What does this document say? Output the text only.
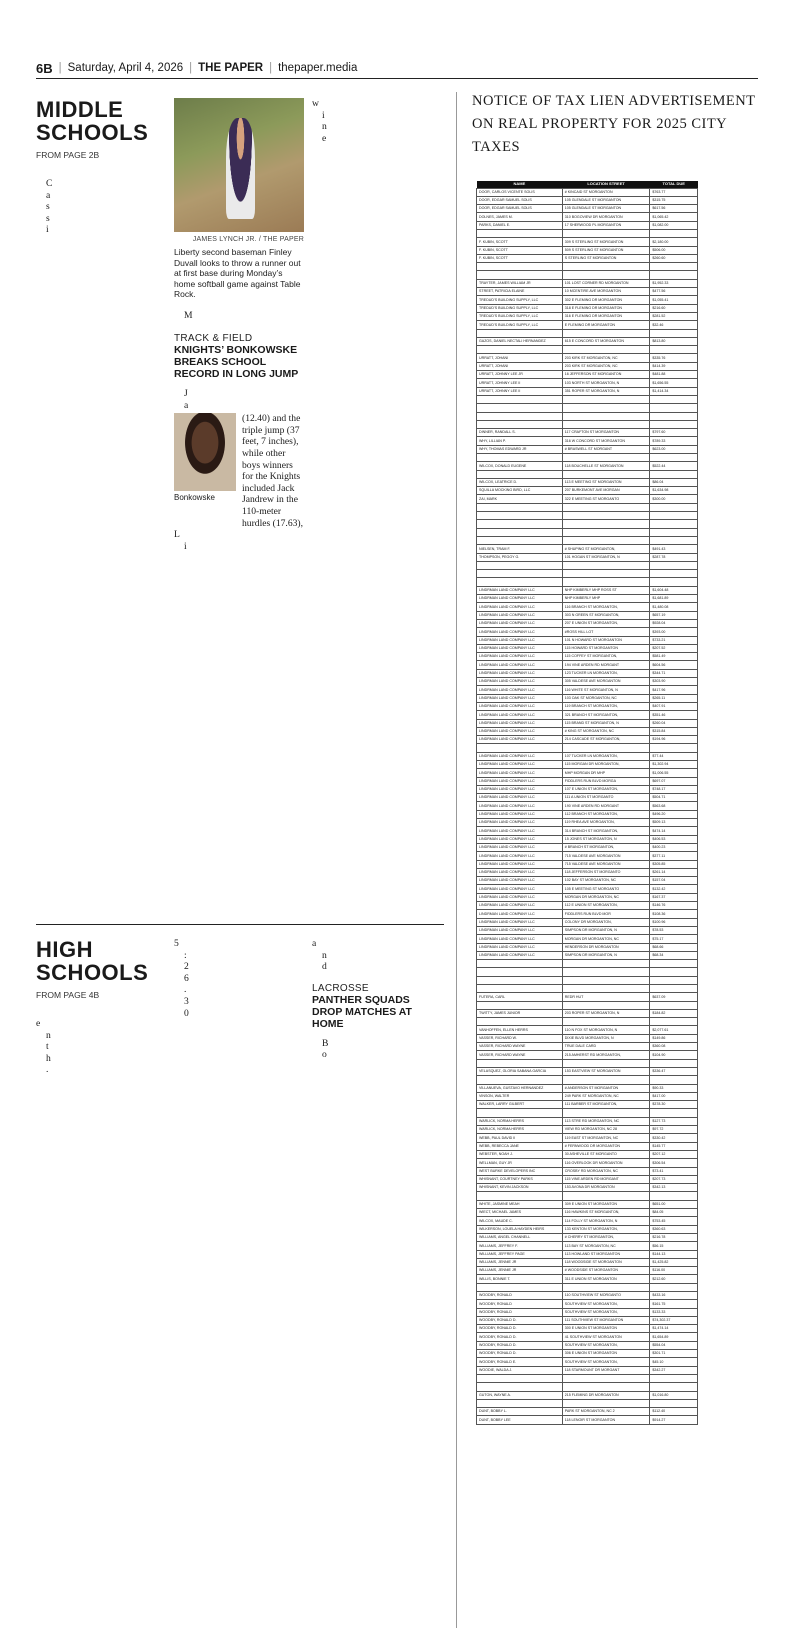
6B | Saturday, April 4, 2026 | THE PAPER | thepaper.media
MIDDLE SCHOOLS
FROM PAGE 2B

C

a

s

s

i

JAMES LYNCH JR. / THE PAPER
Liberty second baseman Finley Duvall looks to throw a runner out at first base during Monday’s home softball game against Table Rock.

M

TRACK & FIELD
KNIGHTS’ BONKOWSKE BREAKS SCHOOL RECORD IN LONG JUMP

J

a

Bonkowske

(12.40) and the triple jump (37 feet, 7 inches), while other boys winners for the Knights included Jack Jandrew in the 110-meter hurdles (17.63),

L

i

w

i

n

e

HIGH SCHOOLS
FROM PAGE 4B

e

n

t

h

.

5

:

2

6

.

3

0

a

n

d

LACROSSE
PANTHER SQUADS DROP MATCHES AT HOME

B

o

NOTICE OF TAX LIEN ADVERTISEMENT ON REAL PROPERTY FOR 2025 CITY TAXES
NAME	LOCATION STREET	TOTAL DUE
DOOR, CARLOS VICENTE SOLIS	# KINCAID ST MORGANTON	$763.77
DOOR, EDGAR SAMUEL SOLIS	105 GLENDALE ST MORGANTON	$315.75
DOOR, EDGAR SAMUEL SOLIS	105 GLENDALE ST MORGANTON	$617.56
DOLNES, JAMES M.	310 BOGOVIEW DR MORGANTON	$1,065.42
PARKS, DANIEL E.	17 SHERWOOD PL MORGANTON	$1,082.00

F. KUBIN, SCOTT	309 S STERLING ST MORGANTON	$2,180.00
F. KUBIN, SCOTT	509 S STERLING ST MORGANTON	$506.00
F. KUBIN, SCOTT	S STERLING ST MORGANTON	$260.60

TRAYTER, JAMES WILLIAM JR	101 LOST CORNER RD MORGANTON	$1,952.33
STREET, PATRICIA ELAINE	10 MCENTIRE AVE MORGANTON	$477.56
TREDUD’S BUILDING SUPPLY, LLC	302 E FLEMING DR MORGANTON	$1,055.41
TREDUD’S BUILDING SUPPLY, LLC	318 E FLEMING DR MORGANTON	$216.60
TREDUD’S BUILDING SUPPLY, LLC	316 E FLEMING DR MORGANTON	$281.52
TREDUD’S BUILDING SUPPLY, LLC	E FLEMING DR MORGANTON	$32.46

GAZOS, DANIEL NECTALI HERNANDEZ	615 E CONCORD ST MORGANTON	$813.80

URRATT, JOHANI	203 KIRK ST MORGANTON, NC	$335.76
URRATT, JOHANI	203 KIRK ST MORGANTON, NC	$414.39
URRATT, JOHNNY LEE JR	16 JEFFERSON ST MORGANTON	$481.88
URRATT, JOHNNY LEE II	103 NORTH ST MORGANTON, N	$1,656.55
URRATT, JOHNNY LEE II	351 ROPER ST MORGANTON, N	$1,414.34

DINNER, RANDALL S.	117 CRAFTON ST MORGANTON	$797.60
WHY, LILLIAN P.	316 W CONCORD ST MORGANTON	$789.33
WHY, THOMAS EDWARD JR	# BRASWELL ST MORGANT	$623.00

WILCOX, DONALD EUGENE	118 BOUCHELLE ST MORGANTON	$522.44

WILCOX, LEATRICE D.	113 E MEETING ST MORGANTON	$86.04
SQUILLA MOCKING BIRD, LLC	207 BURKEMONT AVE MORGAN	$1,634.98
ZAI, MARK	322 E MEETING ST MORGANTO	$300.00

NIELSEN, TRAM F.	# SHUPING ST MORGANTON,	$491.43
THOMPSON, PEGGY G.	101 HOGAN ST MORGANTON, N	$287.78

LINDRMAN LAND COMPANY LLC	NHP KIMBERLY MHP ROSS ST	$1,604.48
LINDRMAN LAND COMPANY LLC	NHP KIMBERLY MHP	$1,681.89
LINDRMAN LAND COMPANY LLC	116 BRANCH ST MORGANTON,	$1,480.08
LINDRMAN LAND COMPANY LLC	303 N GREEN ST MORGANTON,	$657.19
LINDRMAN LAND COMPANY LLC	207 E UNION ST MORGANTON,	$928.04
LINDRMAN LAND COMPANY LLC	#ROSS HILL LOT	$393.00
LINDRMAN LAND COMPANY LLC	101 N HOWARD ST MORGANTON	$733.21
LINDRMAN LAND COMPANY LLC	115 HOWARD ST MORGANTON	$207.52
LINDRMAN LAND COMPANY LLC	115 COFFEY ST MORGANTON,	$581.49
LINDRMAN LAND COMPANY LLC	194 VINE ARDEN RD MORGANT	$604.56
LINDRMAN LAND COMPANY LLC	123 TUCKER LN MORGANTON,	$344.71
LINDRMAN LAND COMPANY LLC	305 VALDESE AVE MORGANTON	$303.90
LINDRMAN LAND COMPANY LLC	116 WHITE ST MORGANTON, N	$417.96
LINDRMAN LAND COMPANY LLC	103 OAK ST MORGANTON, NC	$265.11
LINDRMAN LAND COMPANY LLC	119 BRANCH ST MORGANTON,	$407.91
LINDRMAN LAND COMPANY LLC	321 BRANCH ST MORGANTON,	$351.46
LINDRMAN LAND COMPANY LLC	115 BRAND ST MORGANTON, N	$260.04
LINDRMAN LAND COMPANY LLC	# KING ST MORGANTON, NC	$315.84
LINDRMAN LAND COMPANY LLC	214 CASCADE ST MORGANTON,	$194.96

LINDRMAN LAND COMPANY LLC	107 TUCKER LN MORGANTON,	$77.44
LINDRMAN LAND COMPANY LLC	115 MORGAN DR MORGANTON,	$1,302.94
LINDRMAN LAND COMPANY LLC	MHP MORGAN DR MHP	$1,006.55
LINDRMAN LAND COMPANY LLC	FIDDLERS RUN BLVD MORGA	$697.07
LINDRMAN LAND COMPANY LLC	107 E UNION ST MORGANTON,	$748.17
LINDRMAN LAND COMPANY LLC	111 A UNION ST MORGANTO	$504.71
LINDRMAN LAND COMPANY LLC	190 VINE ARDEN RD MORGANT	$563.68
LINDRMAN LAND COMPANY LLC	112 BRANCH ST MORGANTON,	$496.20
LINDRMAN LAND COMPANY LLC	119 RHEA AVE MORGANTON,	$509.13
LINDRMAN LAND COMPANY LLC	314 BRANCH ST MORGANTON,	$474.14
LINDRMAN LAND COMPANY LLC	15 JONES ST MORGANTON, N	$406.53
LINDRMAN LAND COMPANY LLC	# BRANCH ST MORGANTON,	$400.23
LINDRMAN LAND COMPANY LLC	715 VALDESE AVE MORGANTON	$377.11
LINDRMAN LAND COMPANY LLC	715 VALDESE AVE MORGANTON	$305.85
LINDRMAN LAND COMPANY LLC	118 JEFFERSON ST MORGANTO	$261.14
LINDRMAN LAND COMPANY LLC	102 BAY ST MORGANTON, NC	$157.04
LINDRMAN LAND COMPANY LLC	105 E MEETING ST MORGANTO	$132.42
LINDRMAN LAND COMPANY LLC	MORGAN DR MORGANTON, NC	$167.37
LINDRMAN LAND COMPANY LLC	112 E UNION ST MORGANTON,	$146.76
LINDRMAN LAND COMPANY LLC	FIDDLERS RUN BLVD MOR	$108.36
LINDRMAN LAND COMPANY LLC	COLONY DR MORGANTON,	$100.96
LINDRMAN LAND COMPANY LLC	SIMPSON DR MORGANTON, N	$78.53
LINDRMAN LAND COMPANY LLC	MORGAN DR MORGANTON, NC	$75.17
LINDRMAN LAND COMPANY LLC	HENDERSON DR MORGANTON	$68.66
LINDRMAN LAND COMPANY LLC	SIMPSON DR MORGANTON, N	$68.34

FUTERA, CARL	REDR HUT	$637.09

TWITTY, JAMES JUNIOR	203 ROPER ST MORGANTON, N	$184.82

VANHOFFEN, ELLEN HERRS	110 N FOX ST MORGANTON, N	$2,077.61
VASSER, RICHARD W.	DIXIE BLVD MORGANTON, N	$149.86
VASSER, RICHARD WAYNE	TRUE DALE CARD	$360.08
VASSER, RICHARD WAYNE	215 AMHERST RD MORGANTON,	$104.90

VELASQUEZ, GLORIA SABANA GARCIA	153 EASTVIEW ST MORGANTON	$336.47

VILLANUEVA, GUSTAVO HERNANDEZ	# ANDERSON ST MORGANTON	$90.33
VINSON, WALTER	249 PARK ST MORGANTON, NC	$417.00
WALKER, LARRY GILBERT	111 BARBER ST MORGANTON,	$378.30

WARLICK, NORMA HERRS	113 STRE RD MORGANTON, NC	$127.73
WARLICK, NORMA HERRS	VIEW RD MORGANTON, NC 28	$97.72
WEBB, PAUL DAVID II	119 EAST ST MORGANTON, NC	$330.42
WEBB, REBECCA JANE	# FERNWOOD DR MORGANTON	$145.77
WEBSTER, NOAH J.	30 ASHEVILLE ST MORGANTO	$207.12
WELLMAN, GUY JR	116 OVERLOOK DR MORGANTON	$306.54
WEST BURKE DEVELOPERS INC	CROSBY RD MORGANTON, NC	$73.41
WHISNANT, COURTNEY PARKS	115 VINE ARDEN RD MORGANT	$207.73
WHISNANT, KEVIN JACKSON	153 AVONA DR MORGANTON	$342.13

WHITE, JASMINE MEAH	309 E UNION ST MORGANTON	$651.00
WIECT, MICHAEL JAMES	116 HAWKINS ST MORGANTON,	$84.05
WILCOX, MAUDE C.	114 FOLLY ST MORGANTON, N	$753.45
WILKERSON, LOUELA HAYDEN HEIRS	133 KENTON ST MORGANTON,	$360.63
WILLIAMS, ANGEL CHANNELL	# CHERRY ST MORGANTON,	$216.78
WILLIAMS, JEFFREY F.	113 BAY ST MORGANTON, NC	$56.15
WILLIAMS, JEFFREY PAGE	113 HOWLAND ST MORGANTON	$144.13
WILLIAMS, JENNIE JR	118 WOODSIDE ST MORGANTON	$1,425.82
WILLIAMS, JENNIE JR	# WOODSIDE ST MORGANTON	$116.00
WILLIS, BONNIE T.	311 E UNION ST MORGANTON	$212.60

WOODBY, RONALD	110 SOUTHVIEW ST MORGANTO	$433.16
WOODBY, RONALD	SOUTHVIEW ST MORGANTON,	$161.75
WOODBY, RONALD	SOUTHVIEW ST MORGANTON,	$133.33
WOODBY, RONALD D.	111 SOUTHVIEW ST MORGANTON	$74,302.37
WOODBY, RONALD D.	300 E UNION ST MORGANTON	$1,474.14
WOODBY, RONALD D.	41 SOUTHVIEW ST MORGANTON	$1,654.89
WOODBY, RONALD D.	SOUTHVIEW ST MORGANTON,	$554.04
WOODBY, RONALD D.	306 E UNION ST MORGANTON	$301.71
WOODBY, RONALD E.	SOUTHVIEW ST MORGANTON,	$45.10
WOODIE, WALDA J.	118 STARMOUNT DR MORGANT	$342.27

GUTON, WAYNE A.	215 FLEMING DR MORGANTON	$1,016.80

DUNT, BOBBY L.	PARK ST MORGANTON, NC 2	$112.40
DUNT, BOBBY LEE	118 LENOIR ST MORGANTON	$914.27
